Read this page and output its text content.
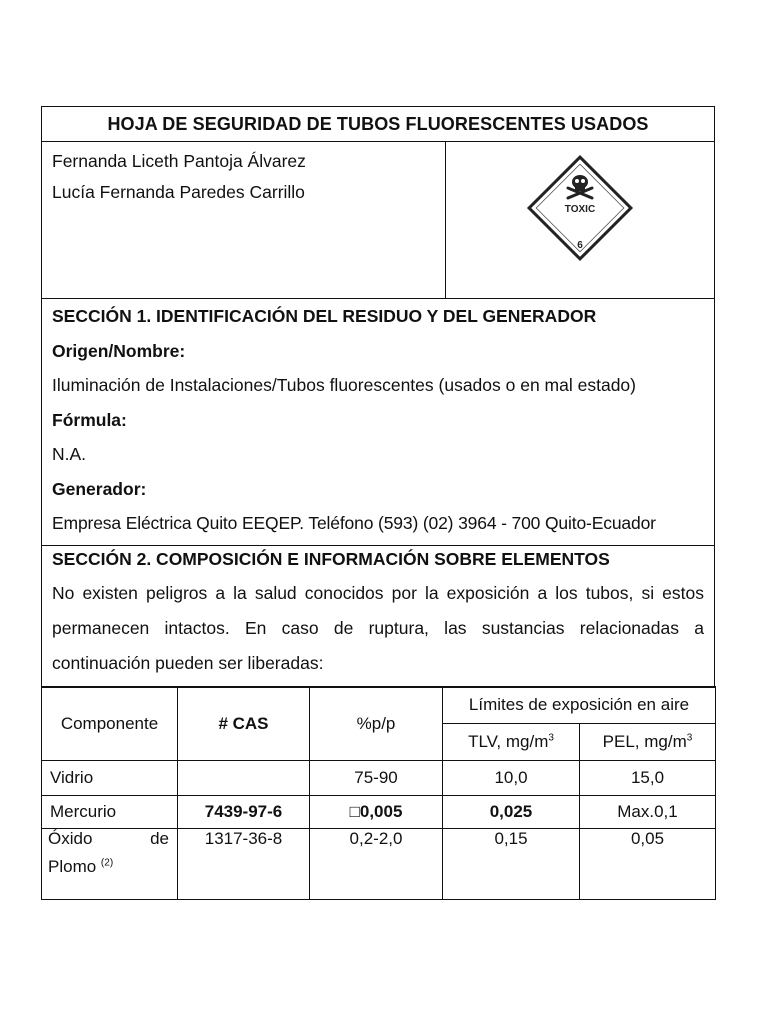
HOJA DE SEGURIDAD DE TUBOS FLUORESCENTES USADOS
Fernanda Liceth Pantoja Álvarez
Lucía Fernanda Paredes Carrillo
TOXIC
6
SECCIÓN 1. IDENTIFICACIÓN DEL RESIDUO Y DEL GENERADOR
Origen/Nombre:
Iluminación de Instalaciones/Tubos fluorescentes (usados o en mal estado)
Fórmula:
N.A.
Generador:
Empresa Eléctrica Quito EEQEP. Teléfono (593) (02) 3964 - 700 Quito-Ecuador
SECCIÓN 2. COMPOSICIÓN E INFORMACIÓN SOBRE ELEMENTOS
No existen peligros a la salud conocidos por la exposición a los tubos, si estos permanecen intactos. En caso de ruptura, las sustancias relacionadas a continuación pueden ser liberadas:
Componente	# CAS	%p/p	Límites de exposición en aire	
			TLV, $mg/m^3$	PEL, $mg/m^3$
Vidrio		75-90	10,0	15,0
Mercurio	7439-97-6	□0,005	0,025	Max.0,1

Óxido de
Plomo $^{(2)}$	1317-36-8	0,2-2,0	0,15	0,05
